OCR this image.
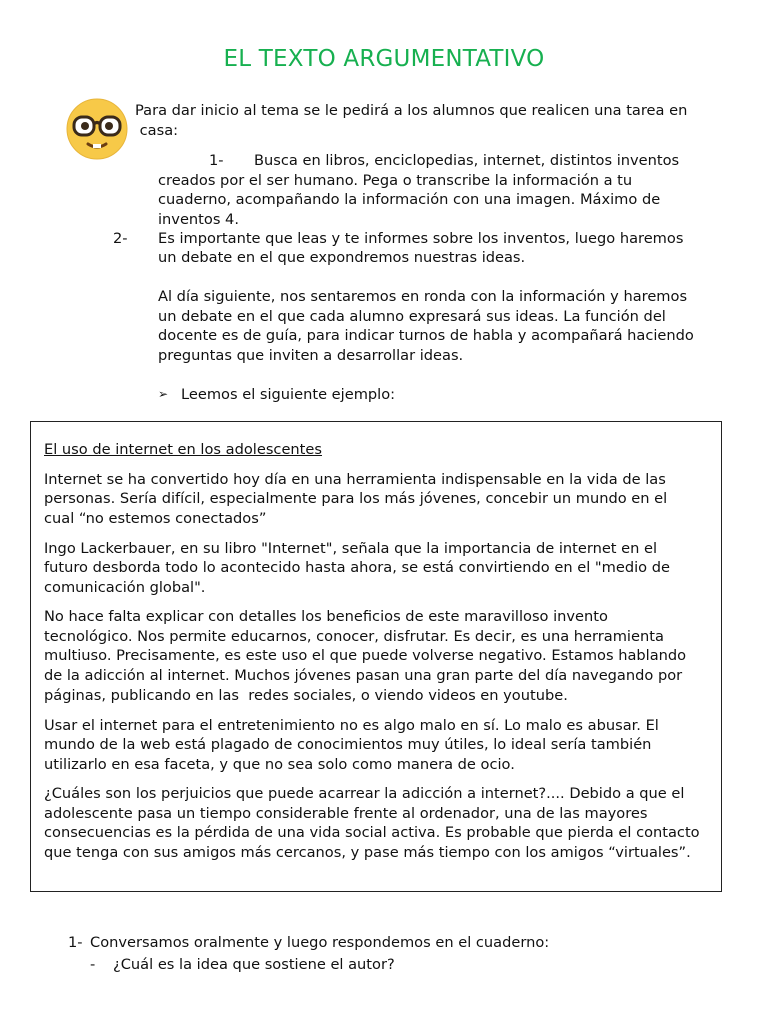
EL TEXTO ARGUMENTATIVO
Para dar inicio al tema se le pedirá a los alumnos que realicen una tarea en
casa:
1- Busca en libros, enciclopedias, internet, distintos inventos
creados por el ser humano. Pega o transcribe la información a tu
cuaderno, acompañando la información con una imagen. Máximo de
inventos 4.
2- Es importante que leas y te informes sobre los inventos, luego haremos
un debate en el que expondremos nuestras ideas.
Al día siguiente, nos sentaremos en ronda con la información y haremos
un debate en el que cada alumno expresará sus ideas. La función del
docente es de guía, para indicar turnos de habla y acompañará haciendo
preguntas que inviten a desarrollar ideas.
➢ Leemos el siguiente ejemplo:
El uso de internet en los adolescentes
Internet se ha convertido hoy día en una herramienta indispensable en la vida de las
personas. Sería difícil, especialmente para los más jóvenes, concebir un mundo en el
cual “no estemos conectados”
Ingo Lackerbauer, en su libro "Internet", señala que la importancia de internet en el
futuro desborda todo lo acontecido hasta ahora, se está convirtiendo en el "medio de
comunicación global".
No hace falta explicar con detalles los beneficios de este maravilloso invento
tecnológico. Nos permite educarnos, conocer, disfrutar. Es decir, es una herramienta
multiuso. Precisamente, es este uso el que puede volverse negativo. Estamos hablando
de la adicción al internet. Muchos jóvenes pasan una gran parte del día navegando por
páginas, publicando en las  redes sociales, o viendo videos en youtube.
Usar el internet para el entretenimiento no es algo malo en sí. Lo malo es abusar. El
mundo de la web está plagado de conocimientos muy útiles, lo ideal sería también
utilizarlo en esa faceta, y que no sea solo como manera de ocio.
¿Cuáles son los perjuicios que puede acarrear la adicción a internet?.... Debido a que el
adolescente pasa un tiempo considerable frente al ordenador, una de las mayores
consecuencias es la pérdida de una vida social activa. Es probable que pierda el contacto
que tenga con sus amigos más cercanos, y pase más tiempo con los amigos “virtuales”.
1- Conversamos oralmente y luego respondemos en el cuaderno:
- ¿Cuál es la idea que sostiene el autor?
